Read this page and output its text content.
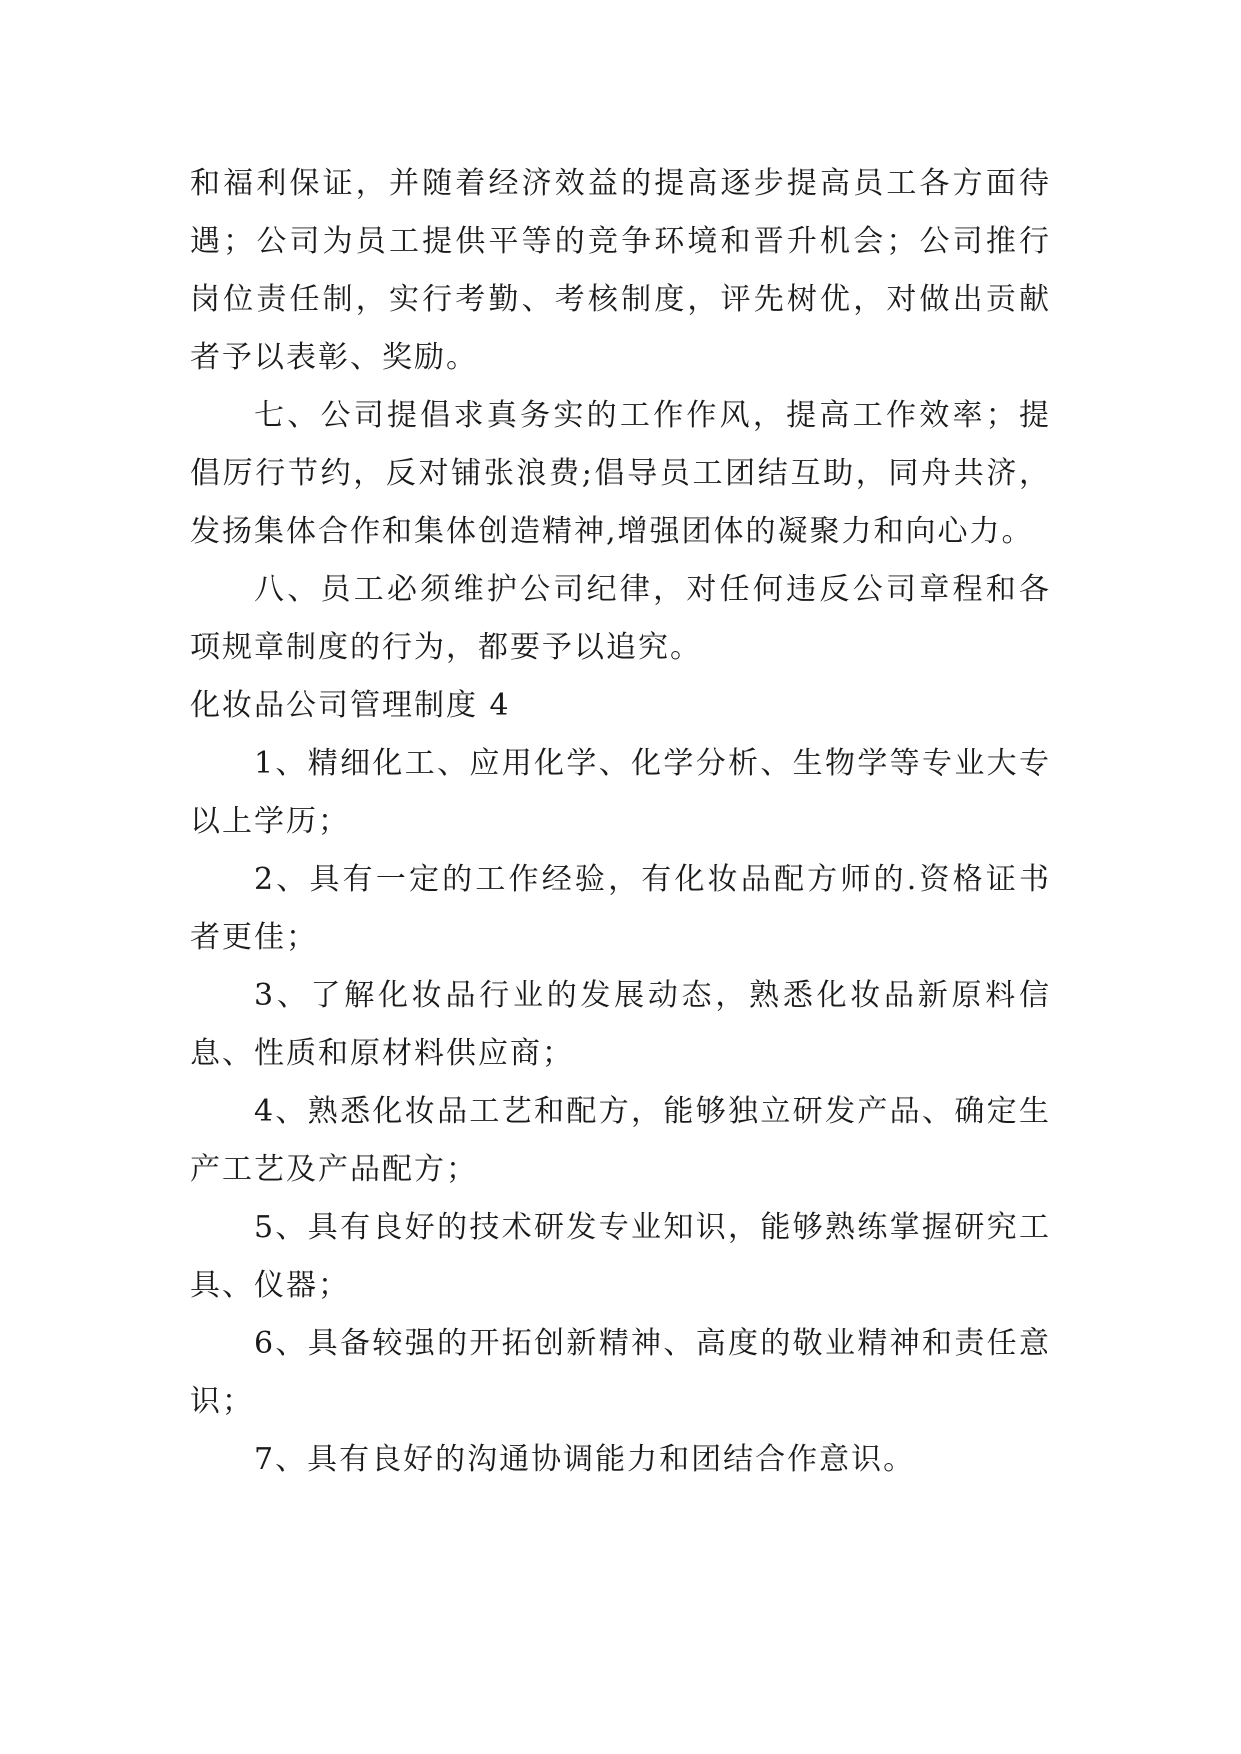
和福利保证，并随着经济效益的提高逐步提高员工各方面待遇；公司为员工提供平等的竞争环境和晋升机会；公司推行岗位责任制，实行考勤、考核制度，评先树优，对做出贡献者予以表彰、奖励。

七、公司提倡求真务实的工作作风，提高工作效率；提倡厉行节约，反对铺张浪费;倡导员工团结互助，同舟共济，发扬集体合作和集体创造精神,增强团体的凝聚力和向心力。

八、员工必须维护公司纪律，对任何违反公司章程和各项规章制度的行为，都要予以追究。

化妆品公司管理制度 4

1、精细化工、应用化学、化学分析、生物学等专业大专以上学历；

2、具有一定的工作经验，有化妆品配方师的.资格证书者更佳；

3、了解化妆品行业的发展动态，熟悉化妆品新原料信息、性质和原材料供应商；

4、熟悉化妆品工艺和配方，能够独立研发产品、确定生产工艺及产品配方；

5、具有良好的技术研发专业知识，能够熟练掌握研究工具、仪器；

6、具备较强的开拓创新精神、高度的敬业精神和责任意识；

7、具有良好的沟通协调能力和团结合作意识。
